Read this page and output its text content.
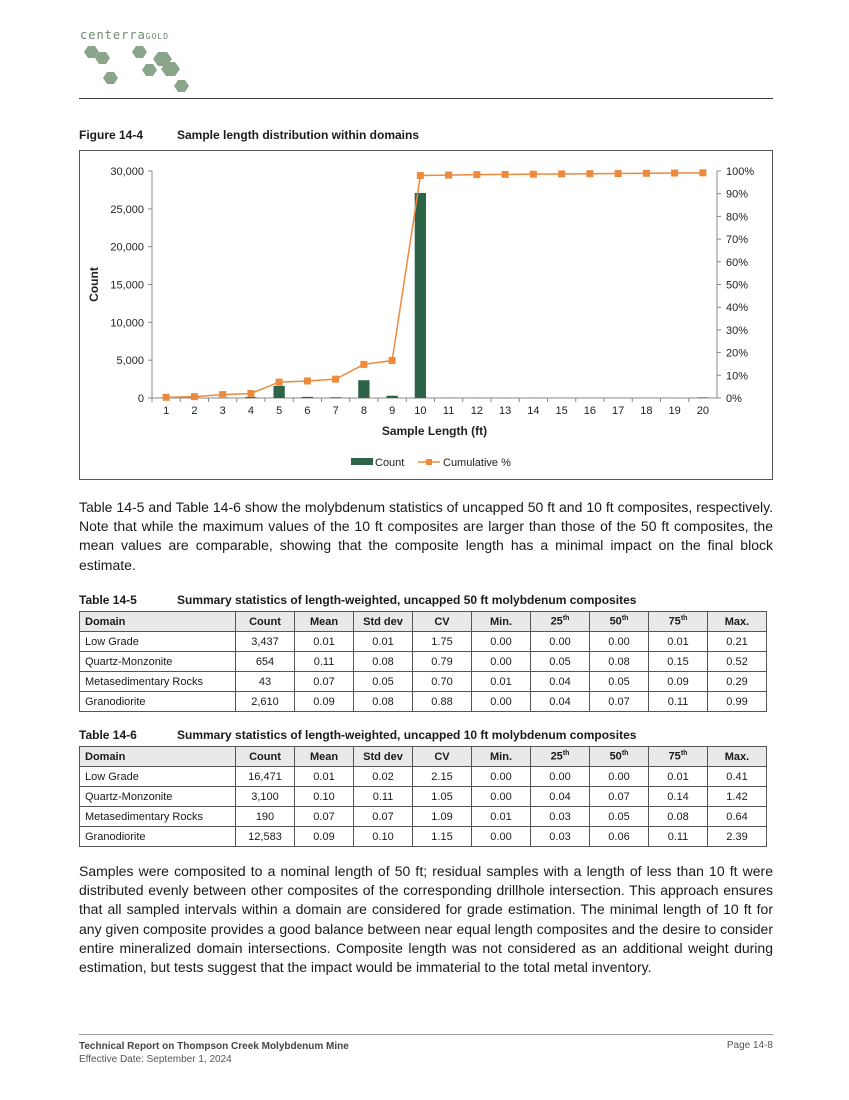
centerraGOLD
Figure 14-4	Sample length distribution within domains
0
5,000
10,000
15,000
20,000
25,000
30,000
0%
10%
20%
30%
40%
50%
60%
70%
80%
90%
100%
1 2 3 4 5 6 7 8 9 10 11 12 13 14 15 16 17 18 19 20
Sample Length (ft)
Count
Count	Cumulative %

Table 14-5 and Table 14-6 show the molybdenum statistics of uncapped 50 ft and 10 ft composites, respectively. Note that while the maximum values of the 10 ft composites are larger than those of the 50 ft composites, the mean values are comparable, showing that the composite length has a minimal impact on the final block estimate.

Table 14-5	Summary statistics of length-weighted, uncapped 50 ft molybdenum composites
Domain	Count	Mean	Std dev	CV	Min.	25th	50th	75th	Max.
Low Grade	3,437	0.01	0.01	1.75	0.00	0.00	0.00	0.01	0.21
Quartz-Monzonite	654	0.11	0.08	0.79	0.00	0.05	0.08	0.15	0.52
Metasedimentary Rocks	43	0.07	0.05	0.70	0.01	0.04	0.05	0.09	0.29
Granodiorite	2,610	0.09	0.08	0.88	0.00	0.04	0.07	0.11	0.99
Table 14-6	Summary statistics of length-weighted, uncapped 10 ft molybdenum composites
Domain	Count	Mean	Std dev	CV	Min.	25th	50th	75th	Max.
Low Grade	16,471	0.01	0.02	2.15	0.00	0.00	0.00	0.01	0.41
Quartz-Monzonite	3,100	0.10	0.11	1.05	0.00	0.04	0.07	0.14	1.42
Metasedimentary Rocks	190	0.07	0.07	1.09	0.01	0.03	0.05	0.08	0.64
Granodiorite	12,583	0.09	0.10	1.15	0.00	0.03	0.06	0.11	2.39

Samples were composited to a nominal length of 50 ft; residual samples with a length of less than 10 ft were distributed evenly between other composites of the corresponding drillhole intersection. This approach ensures that all sampled intervals within a domain are considered for grade estimation. The minimal length of 10 ft for any given composite provides a good balance between near equal length composites and the desire to consider entire mineralized domain intersections. Composite length was not considered as an additional weight during estimation, but tests suggest that the impact would be immaterial to the total metal inventory.

Technical Report on Thompson Creek Molybdenum Mine
Effective Date: September 1, 2024
Page 14-8
